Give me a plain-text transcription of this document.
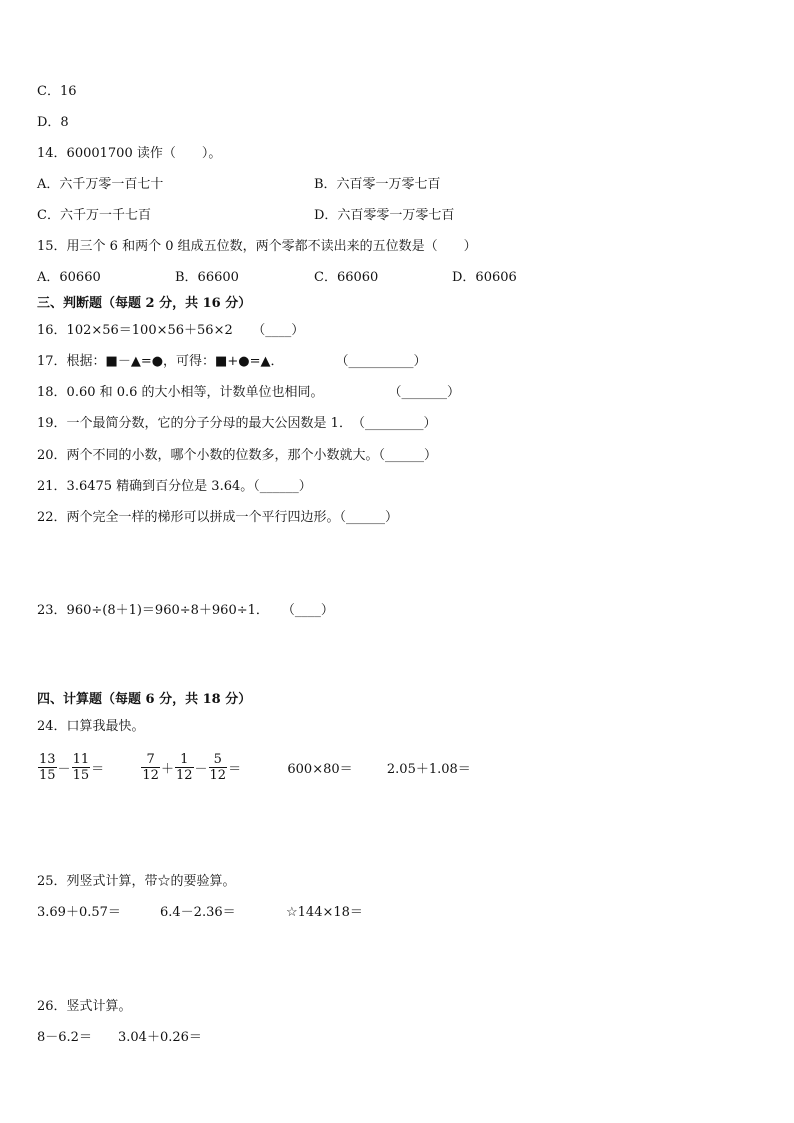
C．16
D．8
14．60001700 读作（　　）。
A．六千万零一百七十	B．六百零一万零七百
C．六千万一千七百	D．六百零零一万零七百
15．用三个 6 和两个 0 组成五位数，两个零都不读出来的五位数是（　　）
A．60660	B．66600	C．66060	D．60606
三、判断题（每题 2 分，共 16 分）
16．102×56＝100×56＋56×2　　（____）
17．根据：■－▲=●，可得：■+●=▲．　　　　　（__________）
18．0.60 和 0.6 的大小相等，计数单位也相同。　　　　　　（_______）
19．一个最简分数，它的分子分母的最大公因数是 1．　（_________）
20．两个不同的小数，哪个小数的位数多，那个小数就大。（______）
21．3.6475 精确到百分位是 3.64。（______）
22．两个完全一样的梯形可以拼成一个平行四边形。（______）
23．960÷(8＋1)＝960÷8＋960÷1．　　（____）
四、计算题（每题 6 分，共 18 分）
24．口算我最快。
$\frac{13}{15} - \frac{11}{15}$ ＝	$\frac{7}{12} + \frac{1}{12} - \frac{5}{12}$ ＝	600×80＝	2.05＋1.08＝
25．列竖式计算，带☆的要验算。
3.69＋0.57＝	6.4－2.36＝	☆144×18＝
26．竖式计算。
8－6.2＝ 3.04＋0.26＝
